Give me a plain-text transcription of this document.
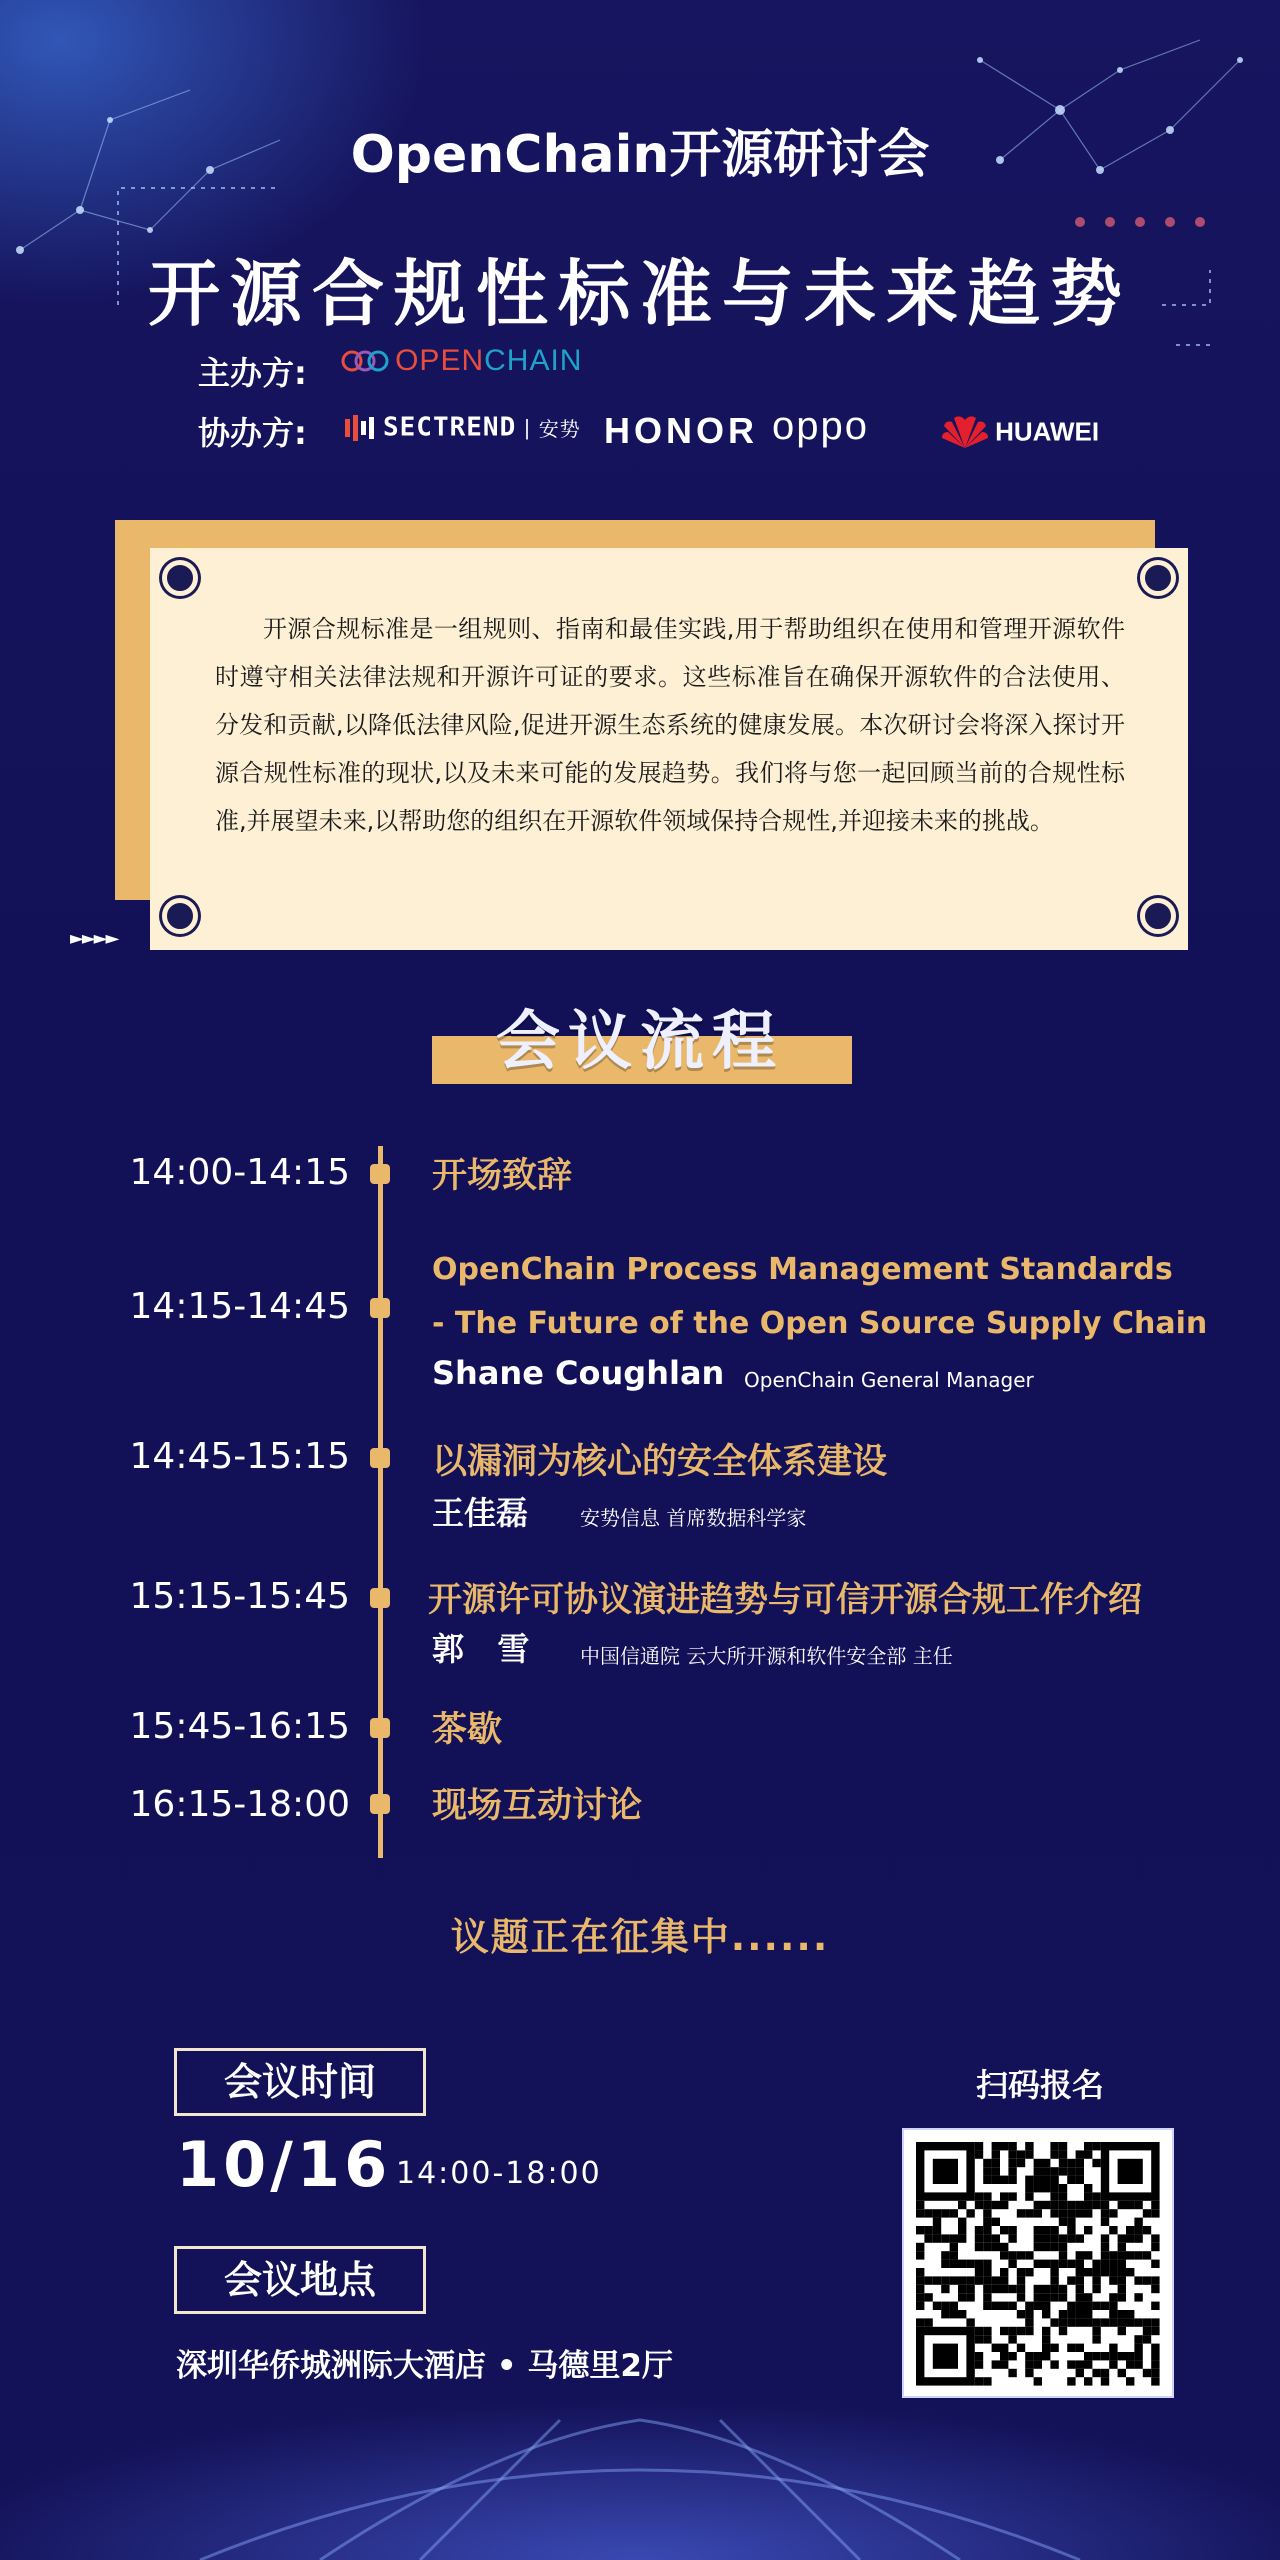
OpenChain开源研讨会
开源合规性标准与未来趋势
主办方:	OPENCHAIN
协办方:	SECTREND | 安势 HONOR oppo	HUAWEI
开源合规标准是一组规则、指南和最佳实践,用于帮助组织在使用和管理开源软件时遵守相关法律法规和开源许可证的要求。这些标准旨在确保开源软件的合法使用、分发和贡献,以降低法律风险,促进开源生态系统的健康发展。本次研讨会将深入探讨开源合规性标准的现状,以及未来可能的发展趋势。我们将与您一起回顾当前的合规性标准,并展望未来,以帮助您的组织在开源软件领域保持合规性,并迎接未来的挑战。
►►►►
会议流程
14:00-14:15 开场致辞
14:15-14:45
OpenChain Process Management Standards
- The Future of the Open Source Supply Chain
Shane Coughlan OpenChain General Manager
14:45-15:15 以漏洞为核心的安全体系建设
王佳磊	安势信息 首席数据科学家
15:15-15:45 开源许可协议演进趋势与可信开源合规工作介绍
郭   雪	中国信通院 云大所开源和软件安全部 主任
15:45-16:15 茶歇
16:15-18:00 现场互动讨论
议题正在征集中......
会议时间
10/16 14:00-18:00
会议地点
深圳华侨城洲际大酒店 • 马德里2厅
扫码报名
